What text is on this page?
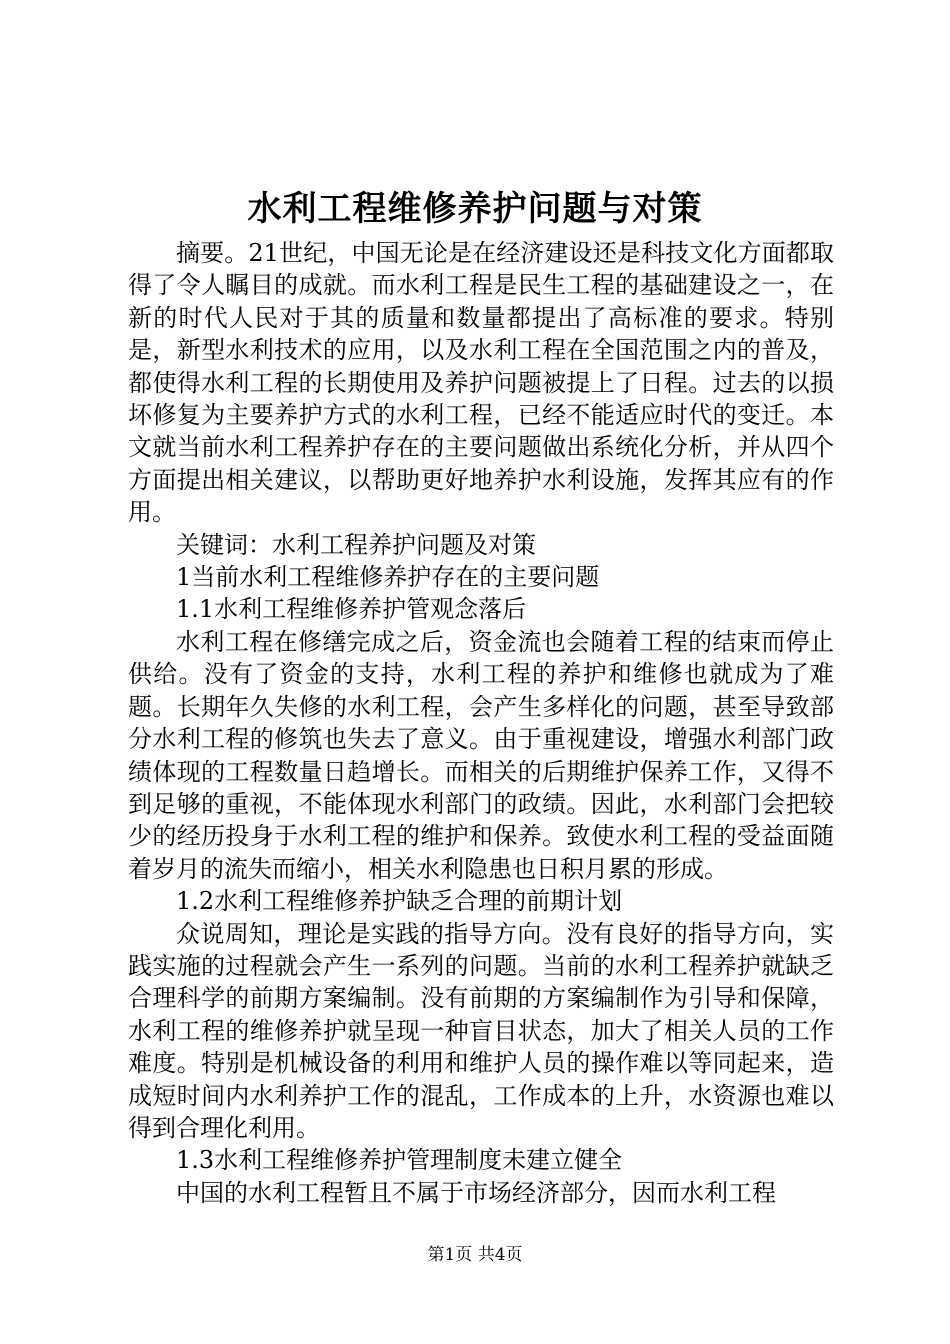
水利工程维修养护问题与对策

摘要。21世纪，中国无论是在经济建设还是科技文化方面都取得了令人瞩目的成就。而水利工程是民生工程的基础建设之一，在新的时代人民对于其的质量和数量都提出了高标准的要求。特别是，新型水利技术的应用，以及水利工程在全国范围之内的普及，都使得水利工程的长期使用及养护问题被提上了日程。过去的以损坏修复为主要养护方式的水利工程，已经不能适应时代的变迁。本文就当前水利工程养护存在的主要问题做出系统化分析，并从四个方面提出相关建议，以帮助更好地养护水利设施，发挥其应有的作用。

关键词：水利工程养护问题及对策

1当前水利工程维修养护存在的主要问题

1.1水利工程维修养护管观念落后

水利工程在修缮完成之后，资金流也会随着工程的结束而停止供给。没有了资金的支持，水利工程的养护和维修也就成为了难题。长期年久失修的水利工程，会产生多样化的问题，甚至导致部分水利工程的修筑也失去了意义。由于重视建设，增强水利部门政绩体现的工程数量日趋增长。而相关的后期维护保养工作，又得不到足够的重视，不能体现水利部门的政绩。因此，水利部门会把较少的经历投身于水利工程的维护和保养。致使水利工程的受益面随着岁月的流失而缩小，相关水利隐患也日积月累的形成。

1.2水利工程维修养护缺乏合理的前期计划

众说周知，理论是实践的指导方向。没有良好的指导方向，实践实施的过程就会产生一系列的问题。当前的水利工程养护就缺乏合理科学的前期方案编制。没有前期的方案编制作为引导和保障，水利工程的维修养护就呈现一种盲目状态，加大了相关人员的工作难度。特别是机械设备的利用和维护人员的操作难以等同起来，造成短时间内水利养护工作的混乱，工作成本的上升，水资源也难以得到合理化利用。

1.3水利工程维修养护管理制度未建立健全

中国的水利工程暂且不属于市场经济部分，因而水利工程

第1页 共4页
